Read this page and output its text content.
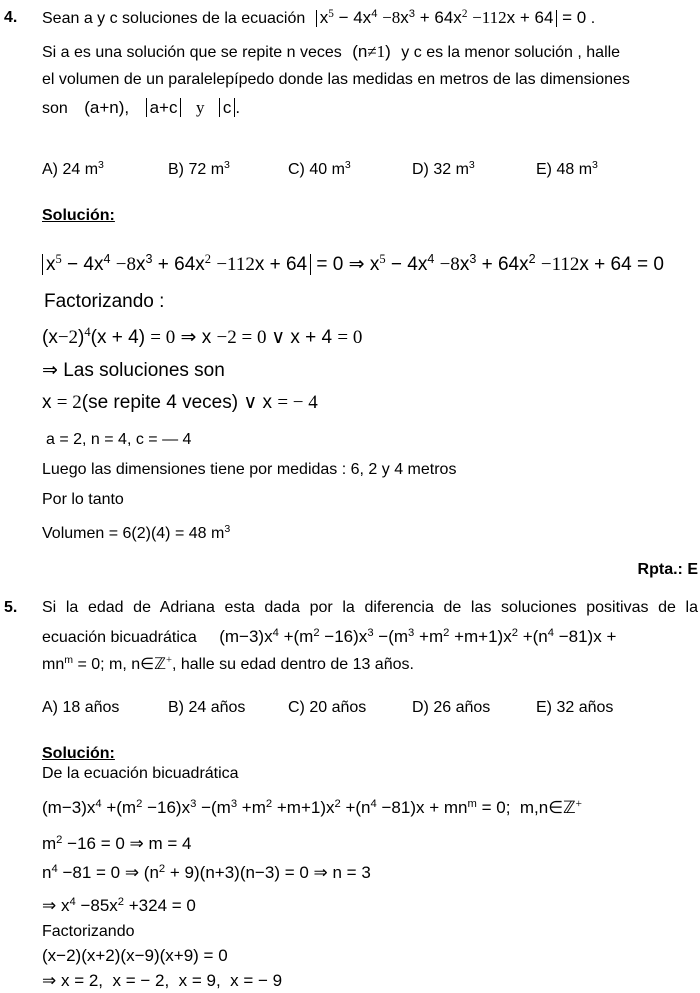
4. Sean a y c soluciones de la ecuación $x^5 - 4x^4 -8x^3 + 64x^2 -112x + 64 = 0$ .
Si a es una solución que se repite n veces (n≠1) y c es la menor solución , halle
el volumen de un paralelepípedo donde las medidas en metros de las dimensiones
son (a+n), a+c y c .
A) 24 $m^3$	B) 72 $m^3$	C) 40 $m^3$	D) 32 $m^3$	E) 48 $m^3$
Solución:
$x^5 - 4x^4 -8x^3 + 64x^2 -112x + 64 = 0$ ⇒ $x^5 - 4x^4 -8x^3 + 64x^2 -112x + 64 = 0$
Factorizando :
$(x-2)^4(x + 4) = 0$ ⇒ x −2 = 0 ∨ x + 4 = 0
⇒ Las soluciones son
x = 2(se repite 4 veces) ∨ x = − 4
a = 2, n = 4, c = — 4
Luego las dimensiones tiene por medidas : 6, 2 y 4 metros
Por lo tanto
Volumen = 6(2)(4) = 48 $m^3$
Rpta.: E
5. Si la edad de Adriana esta dada por la diferencia de las soluciones positivas de la
ecuación bicuadrática $(m-3)x^4 +(m^2 -16)x^3 -(m^3 +m^2 +m+1)x^2 +(n^4 -81)x$ +
$mn^m = 0$; m, n∈ℤ+, halle su edad dentro de 13 años.
A) 18 años	B) 24 años	C) 20 años	D) 26 años	E) 32 años
Solución:
De la ecuación bicuadrática
$(m-3)x^4 +(m^2 -16)x^3 -(m^3 +m^2 +m+1)x^2 +(n^4 -81)x + mn^m = 0$;  m,n∈ℤ+
$m^2 -16 = 0$ ⇒ m = 4
$n^4 -81 = 0$ ⇒ $(n^2 + 9)(n+3)(n-3) = 0$ ⇒ n = 3
⇒ $x^4 -85x^2 +324 = 0$
Factorizando
(x−2)(x+2)(x−9)(x+9) = 0
⇒ x = 2,  x = − 2,  x = 9,  x = − 9
